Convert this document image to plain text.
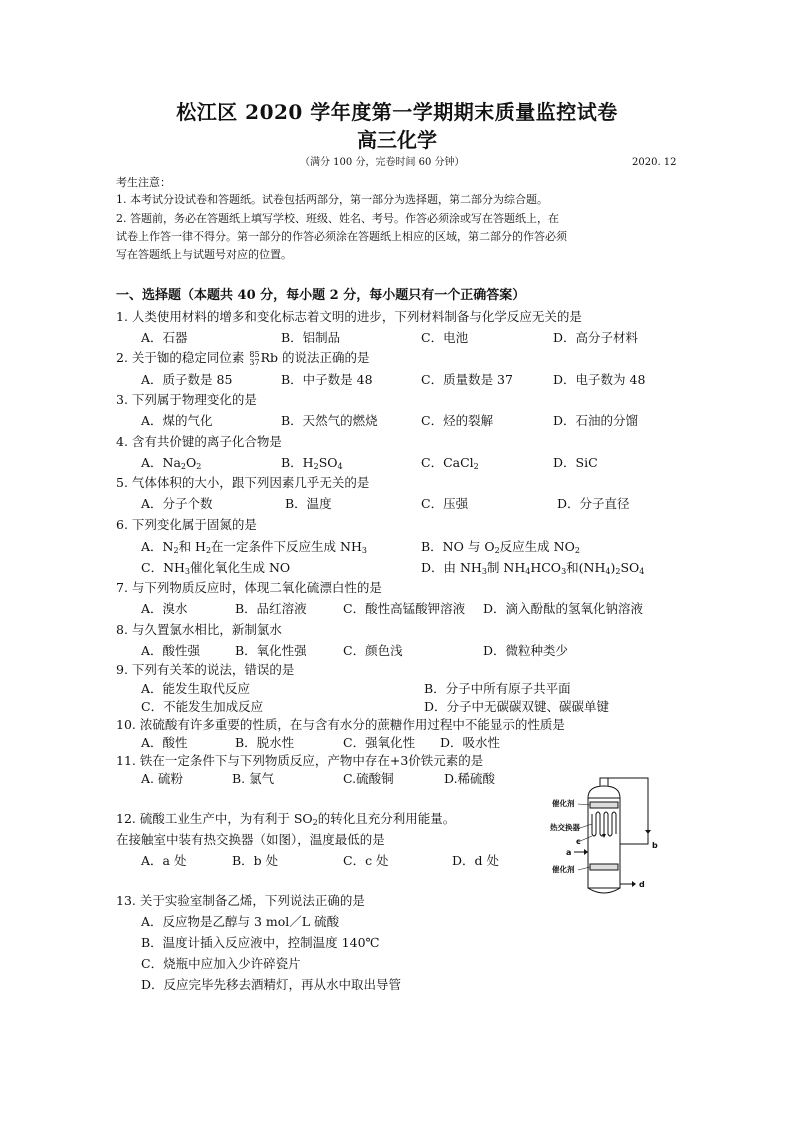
松江区 2020 学年度第一学期期末质量监控试卷
高三化学
（满分 100 分，完卷时间 60 分钟）	2020. 12
考生注意：
1. 本考试分设试卷和答题纸。试卷包括两部分，第一部分为选择题，第二部分为综合题。
2. 答题前，务必在答题纸上填写学校、班级、姓名、考号。作答必须涂或写在答题纸上，在
试卷上作答一律不得分。第一部分的作答必须涂在答题纸上相应的区域，第二部分的作答必须
写在答题纸上与试题号对应的位置。
一、选择题（本题共 40 分，每小题 2 分，每小题只有一个正确答案）
1. 人类使用材料的增多和变化标志着文明的进步，下列材料制备与化学反应无关的是
A．石器	B．铝制品	C．电池	D．高分子材料
2. 关于铷的稳定同位素 85
37 Rb 的说法正确的是
A．质子数是 85	B．中子数是 48	C．质量数是 37	D．电子数为 48
3. 下列属于物理变化的是
A．煤的气化	B．天然气的燃烧	C．烃的裂解	D．石油的分馏
4. 含有共价键的离子化合物是
A．$Na_2O_2$	B．$H_2SO_4$	C．CaCl$_2$	D．SiC
5. 气体体积的大小，跟下列因素几乎无关的是
A．分子个数	B．温度	C．压强	D．分子直径
6. 下列变化属于固氮的是
A．$N_2$和 $H_2$在一定条件下反应生成 $NH_3$	B．NO 与 $O_2$反应生成 $NO_2$
C．$NH_3$催化氧化生成 NO	D．由 $NH_3$制 $NH_4HCO_3$和$(NH_4)_2SO_4$
7. 与下列物质反应时，体现二氧化硫漂白性的是
A．溴水	B．品红溶液	C．酸性高锰酸钾溶液 D．滴入酚酞的氢氧化钠溶液
8. 与久置氯水相比，新制氯水
A．酸性强	B．氧化性强	C．颜色浅	D．微粒种类少
9. 下列有关苯的说法，错误的是
A．能发生取代反应	B．分子中所有原子共平面
C．不能发生加成反应	D．分子中无碳碳双键、碳碳单键
10. 浓硫酸有许多重要的性质，在与含有水分的蔗糖作用过程中不能显示的性质是
A．酸性	B．脱水性	C．强氧化性 D．吸水性
11. 铁在一定条件下与下列物质反应，产物中存在+3价铁元素的是
A. 硫粉	B. 氯气	C.硫酸铜	D.稀硫酸
12. 硫酸工业生产中，为有利于 $SO_2$的转化且充分利用能量。
在接触室中装有热交换器（如图），温度最低的是
A．a 处	B．b 处	C．c 处	D．d 处
催化剂
热交换器
催化剂
a
b
c
d
13. 关于实验室制备乙烯，下列说法正确的是
A．反应物是乙醇与 3 mol／L 硫酸
B．温度计插入反应液中，控制温度 140℃
C．烧瓶中应加入少许碎瓷片
D．反应完毕先移去酒精灯，再从水中取出导管
